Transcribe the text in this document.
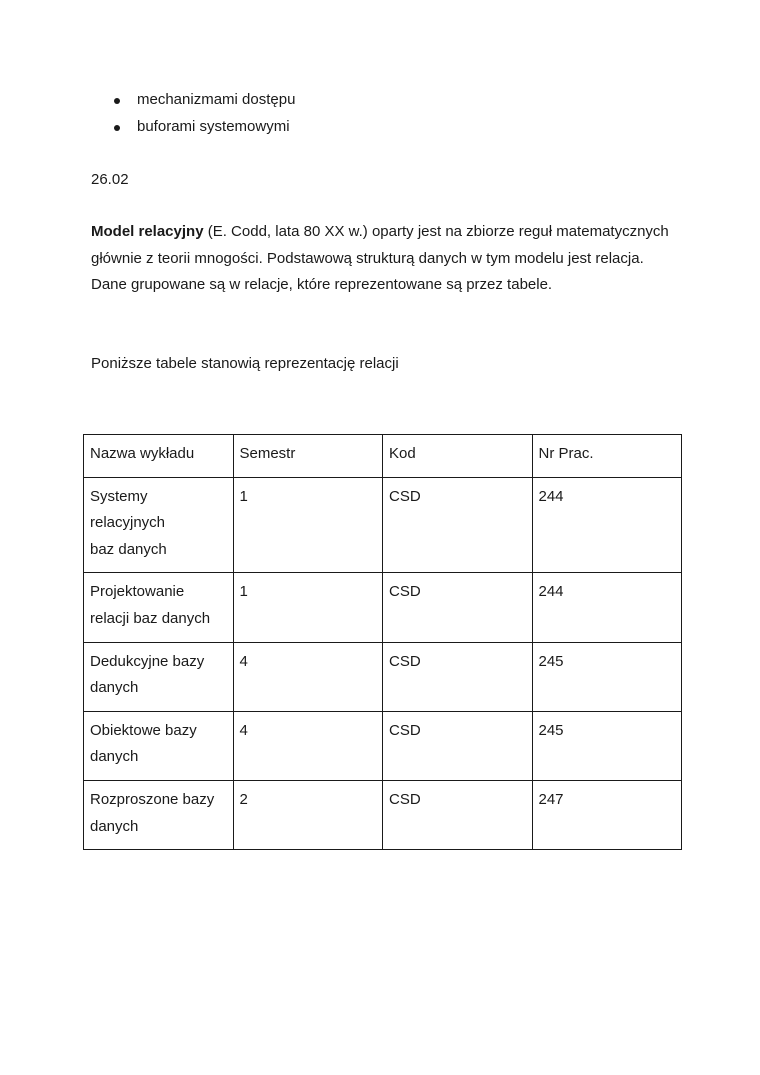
mechanizmami dostępu
buforami systemowymi
26.02

Model relacyjny (E. Codd, lata 80 XX w.) oparty jest na zbiorze reguł matematycznych głównie z teorii mnogości. Podstawową strukturą danych w tym modelu jest relacja. Dane grupowane są w relacje, które reprezentowane są przez tabele.

Poniższe tabele stanowią reprezentację relacji
Nazwa wykładu	Semestr	Kod	Nr Prac.
Systemy relacyjnych baz danych	1	CSD	244
Projektowanie relacji baz danych	1	CSD	244
Dedukcyjne bazy danych	4	CSD	245
Obiektowe bazy danych	4	CSD	245
Rozproszone bazy danych	2	CSD	247
